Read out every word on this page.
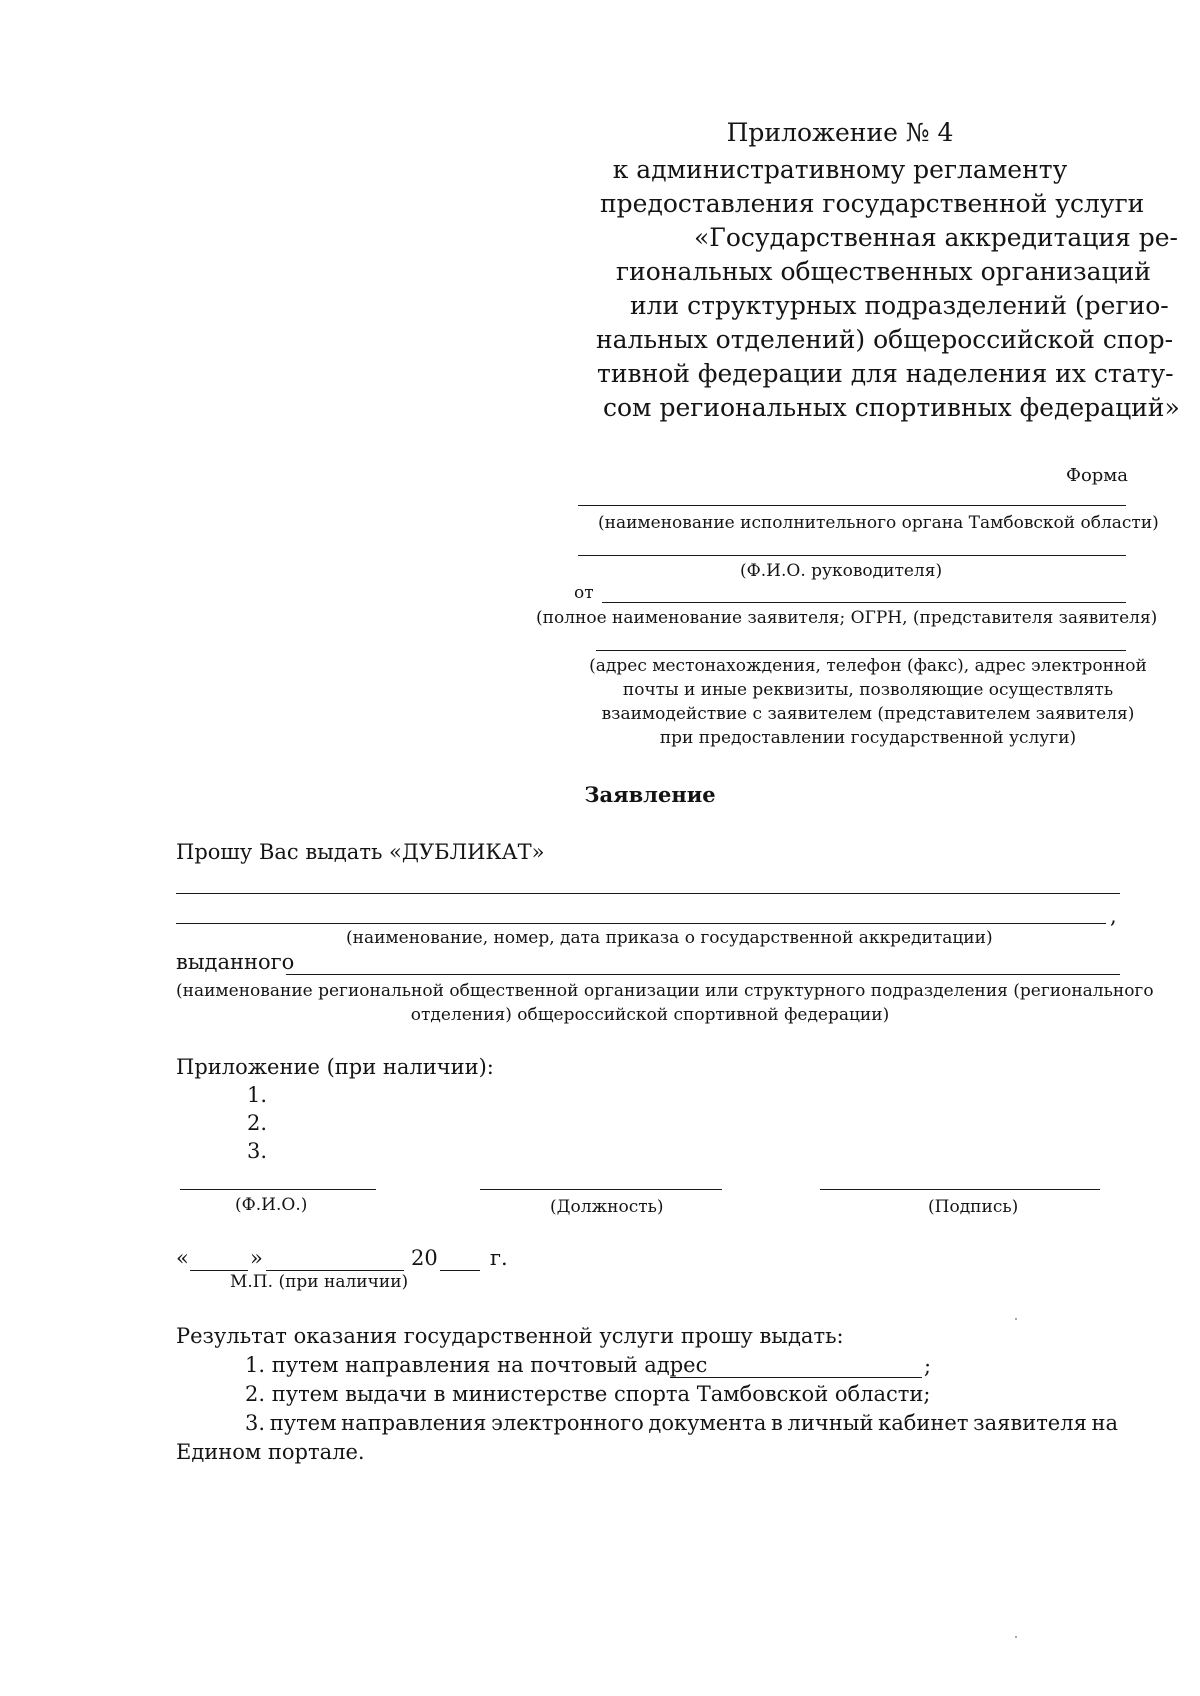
Приложение № 4
к административному регламенту
предоставления государственной услуги
«Государственная аккредитация ре-
гиональных общественных организаций
или структурных подразделений (регио-
нальных отделений) общероссийской спор-
тивной федерации для наделения их стату-
сом региональных спортивных федераций»
Форма
(наименование исполнительного органа Тамбовской области)
(Ф.И.О. руководителя)
от
(полное наименование заявителя; ОГРН, (представителя заявителя)
(адрес местонахождения, телефон (факс), адрес электронной
почты и иные реквизиты, позволяющие осуществлять
взаимодействие с заявителем (представителем заявителя)
при предоставлении государственной услуги)
Заявление
Прошу Вас выдать «ДУБЛИКАТ»
,
(наименование, номер, дата приказа о государственной аккредитации)
выданного
(наименование региональной общественной организации или структурного подразделения (регионального
отделения) общероссийской спортивной федерации)
Приложение (при наличии):
1.
2.
3.
(Ф.И.О.)	(Должность)	(Подпись)
«	»	20 г.
М.П. (при наличии)
Результат оказания государственной услуги прошу выдать:
1. путем направления на почтовый адрес	;
2. путем выдачи в министерстве спорта Тамбовской области;
3. путем направления электронного документа в личный кабинет заявителя на
Едином портале.
